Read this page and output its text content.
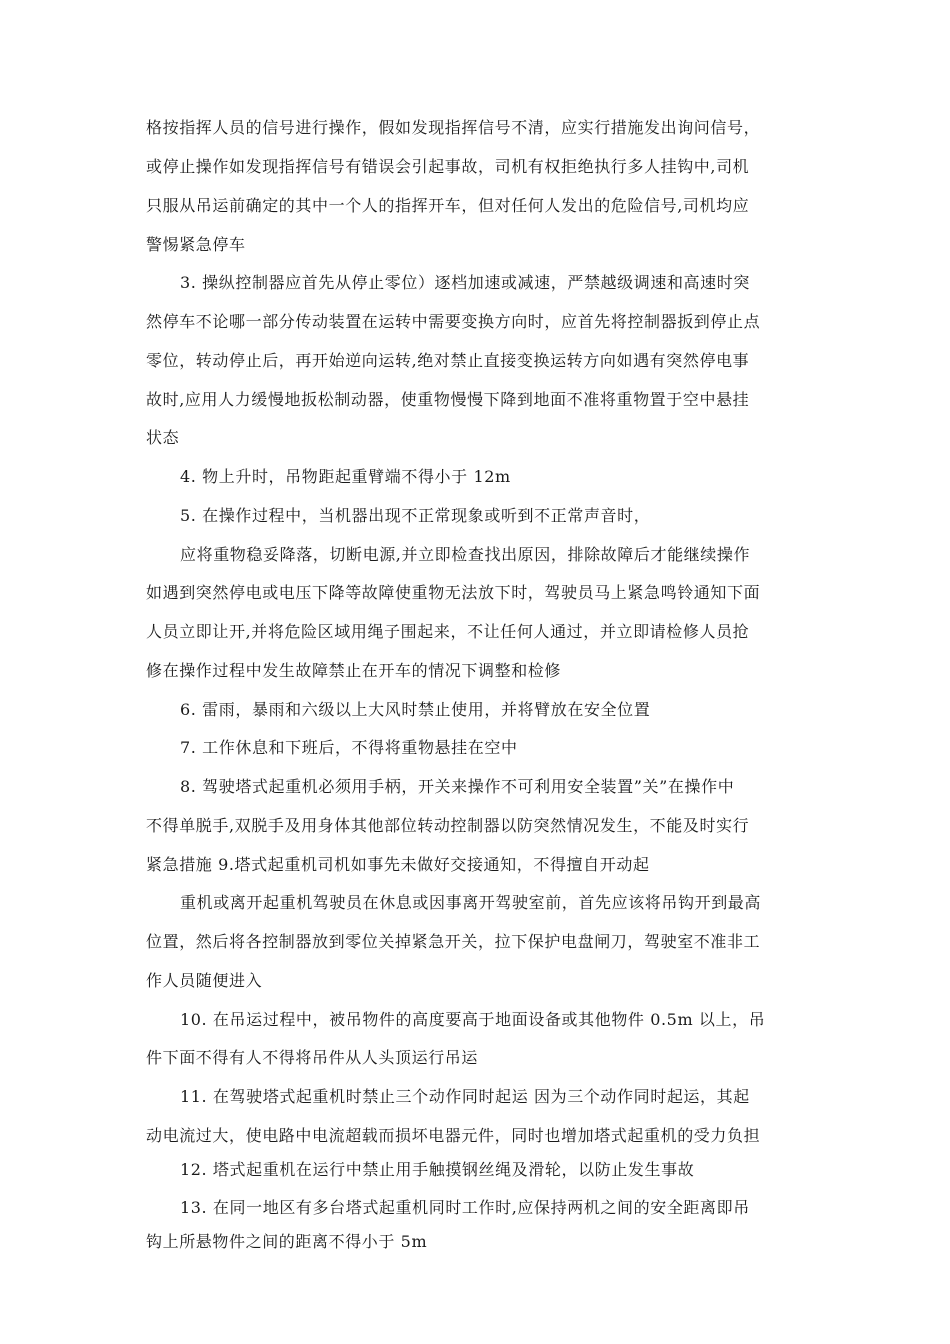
格按指挥人员的信号进行操作，假如发现指挥信号不清，应实行措施发出询问信号，
或停止操作如发现指挥信号有错误会引起事故，司机有权拒绝执行多人挂钩中,司机
只服从吊运前确定的其中一个人的指挥开车，但对任何人发出的危险信号,司机均应
警惕紧急停车
3. 操纵控制器应首先从停止零位）逐档加速或减速，严禁越级调速和高速时突
然停车不论哪一部分传动装置在运转中需要变换方向时，应首先将控制器扳到停止点
零位，转动停止后，再开始逆向运转,绝对禁止直接变换运转方向如遇有突然停电事
故时,应用人力缓慢地扳松制动器，使重物慢慢下降到地面不准将重物置于空中悬挂
状态
4. 物上升时，吊物距起重臂端不得小于 12m
5. 在操作过程中，当机器出现不正常现象或听到不正常声音时，
应将重物稳妥降落，切断电源,并立即检查找出原因，排除故障后才能继续操作
如遇到突然停电或电压下降等故障使重物无法放下时，驾驶员马上紧急鸣铃通知下面
人员立即让开,并将危险区域用绳子围起来，不让任何人通过，并立即请检修人员抢
修在操作过程中发生故障禁止在开车的情况下调整和检修
6. 雷雨，暴雨和六级以上大风时禁止使用，并将臂放在安全位置
7. 工作休息和下班后，不得将重物悬挂在空中
8. 驾驶塔式起重机必须用手柄，开关来操作不可利用安全装置”关”在操作中
不得单脱手,双脱手及用身体其他部位转动控制器以防突然情况发生，不能及时实行
紧急措施 9.塔式起重机司机如事先未做好交接通知，不得擅自开动起
重机或离开起重机驾驶员在休息或因事离开驾驶室前，首先应该将吊钩开到最高
位置，然后将各控制器放到零位关掉紧急开关，拉下保护电盘闸刀，驾驶室不准非工
作人员随便进入
10. 在吊运过程中，被吊物件的高度要高于地面设备或其他物件 0.5m 以上，吊
件下面不得有人不得将吊件从人头顶运行吊运
11. 在驾驶塔式起重机时禁止三个动作同时起运 因为三个动作同时起运，其起
动电流过大，使电路中电流超载而损坏电器元件，同时也增加塔式起重机的受力负担
12. 塔式起重机在运行中禁止用手触摸钢丝绳及滑轮，以防止发生事故
13. 在同一地区有多台塔式起重机同时工作时,应保持两机之间的安全距离即吊
钩上所悬物件之间的距离不得小于 5m
